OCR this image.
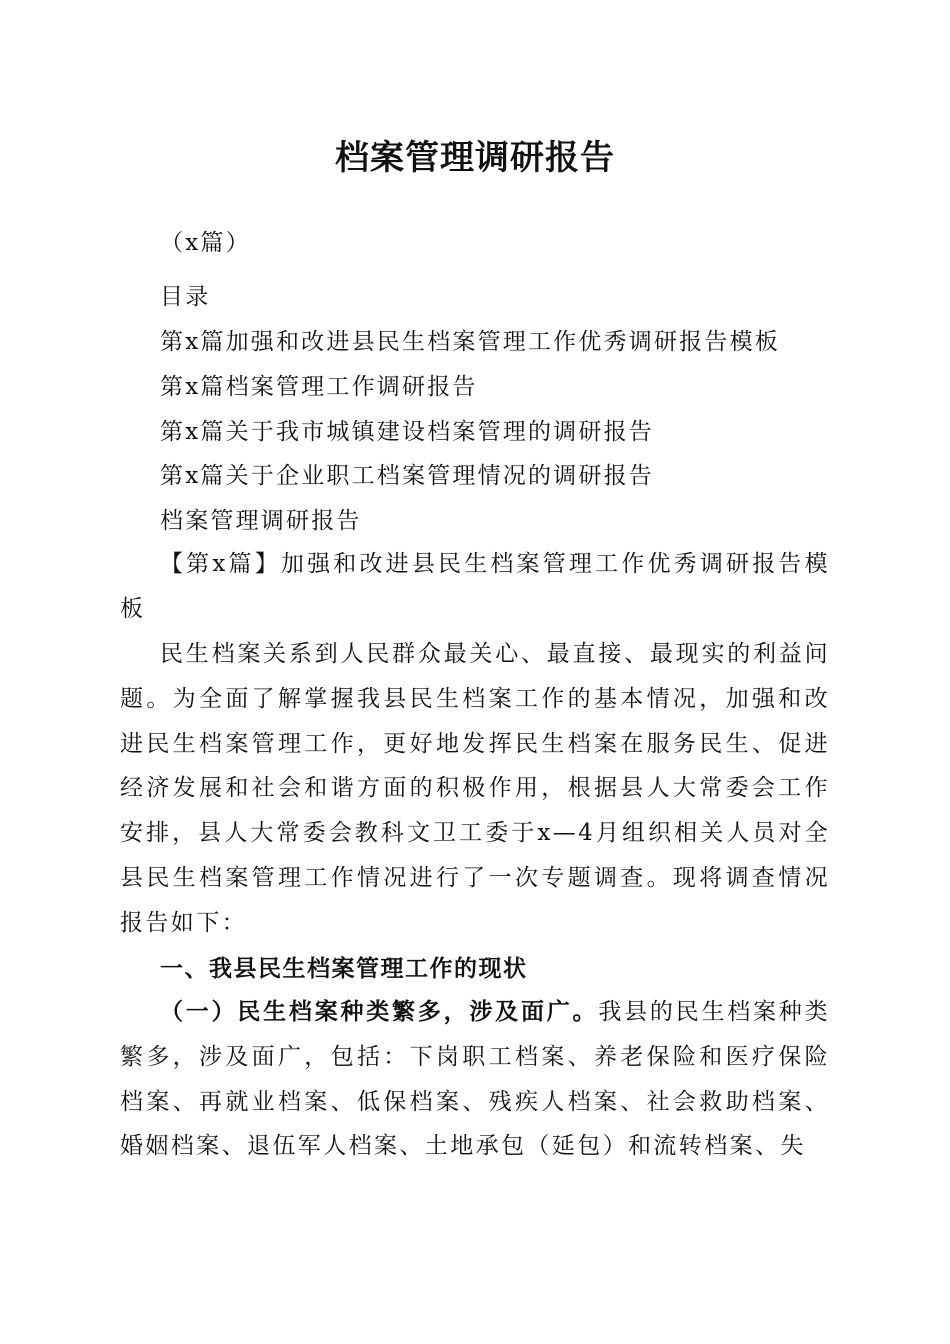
档案管理调研报告

（x篇）

目录

第x篇加强和改进县民生档案管理工作优秀调研报告模板

第x篇档案管理工作调研报告

第x篇关于我市城镇建设档案管理的调研报告

第x篇关于企业职工档案管理情况的调研报告

档案管理调研报告

【第x篇】加强和改进县民生档案管理工作优秀调研报告模板

民生档案关系到人民群众最关心、最直接、最现实的利益问题。为全面了解掌握我县民生档案工作的基本情况，加强和改进民生档案管理工作，更好地发挥民生档案在服务民生、促进经济发展和社会和谐方面的积极作用，根据县人大常委会工作安排，县人大常委会教科文卫工委于x—4月组织相关人员对全县民生档案管理工作情况进行了一次专题调查。现将调查情况报告如下：

一、我县民生档案管理工作的现状

（一）民生档案种类繁多，涉及面广。我县的民生档案种类繁多，涉及面广，包括：下岗职工档案、养老保险和医疗保险档案、再就业档案、低保档案、残疾人档案、社会救助档案、婚姻档案、退伍军人档案、土地承包（延包）和流转档案、失
